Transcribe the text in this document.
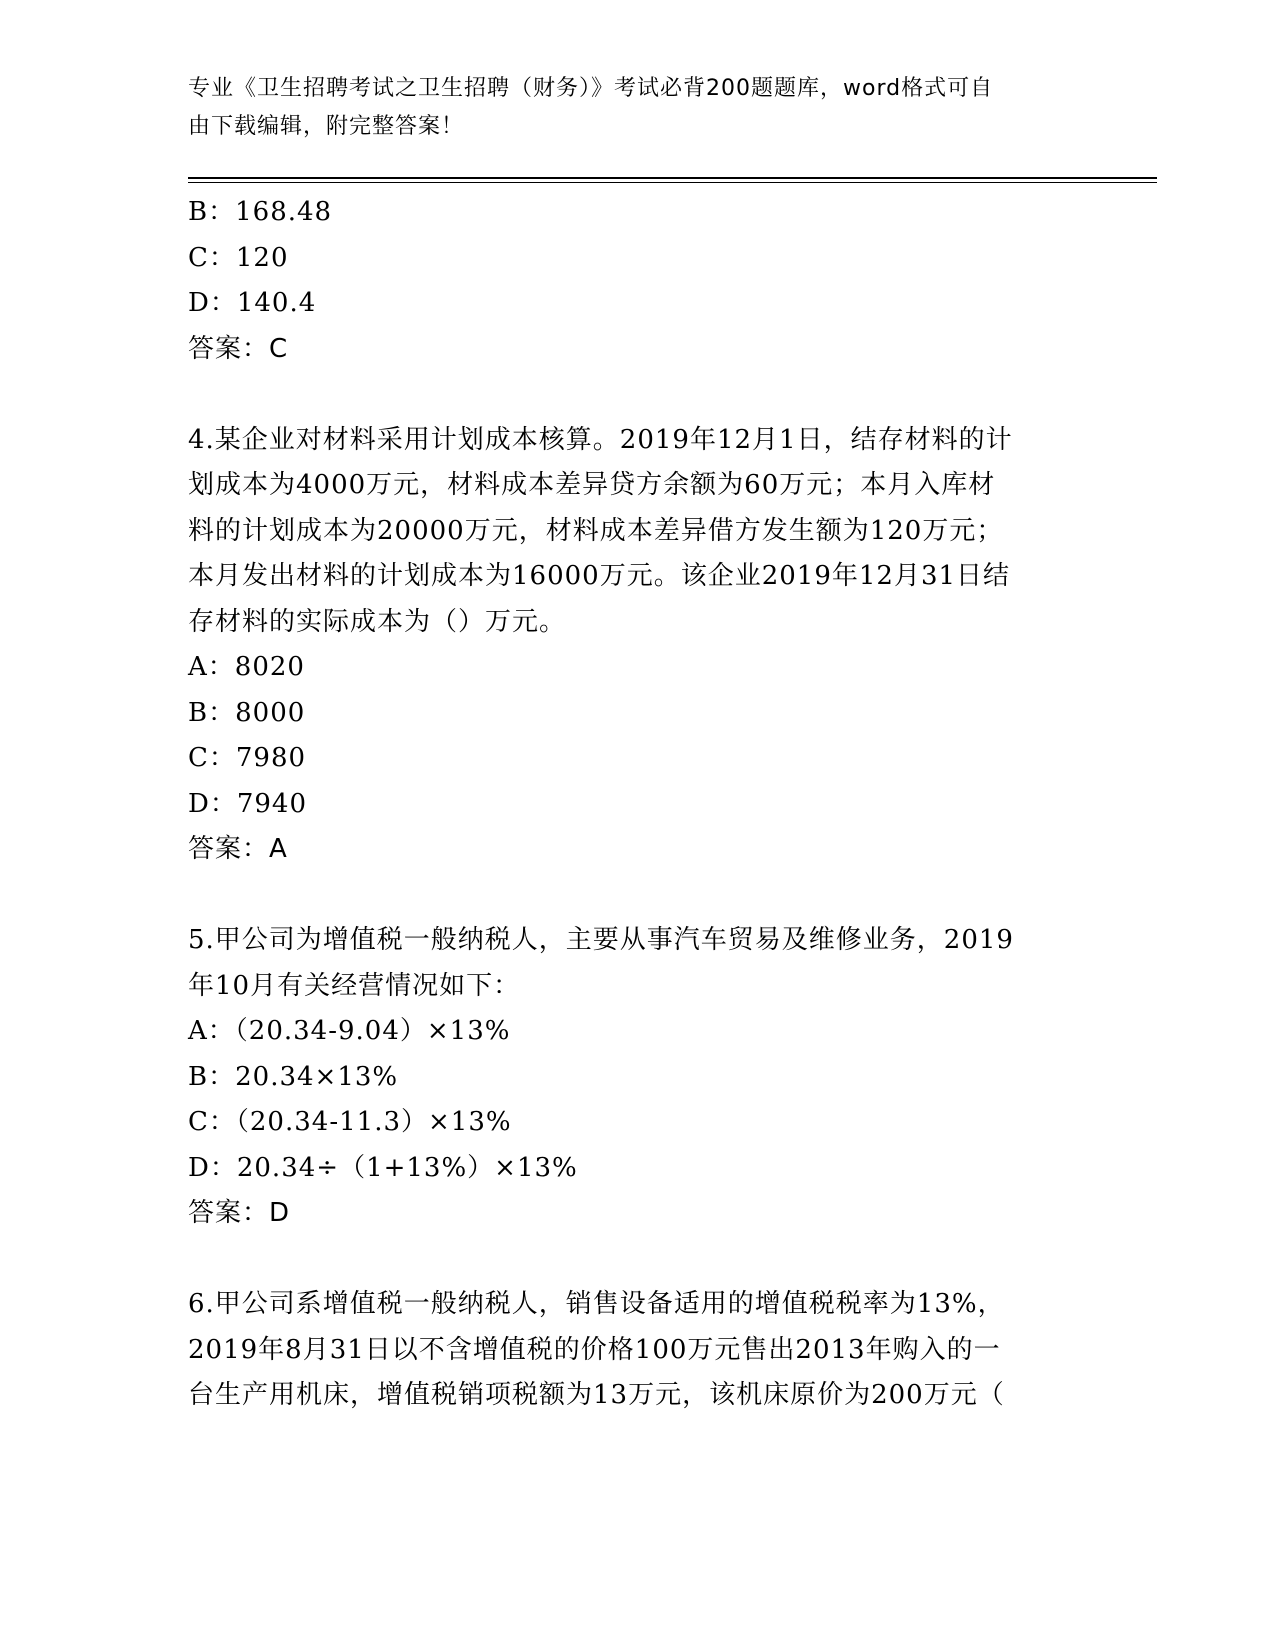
专业《卫生招聘考试之卫生招聘（财务）》考试必背200题题库，word格式可自
由下载编辑，附完整答案！
B：168.48
C：120
D：140.4
答案：C
4.某企业对材料采用计划成本核算。2019年12月1日，结存材料的计
划成本为4000万元，材料成本差异贷方余额为60万元；本月入库材
料的计划成本为20000万元，材料成本差异借方发生额为120万元；
本月发出材料的计划成本为16000万元。该企业2019年12月31日结
存材料的实际成本为（）万元。
A：8020
B：8000
C：7980
D：7940
答案：A
5.甲公司为增值税一般纳税人，主要从事汽车贸易及维修业务，2019
年10月有关经营情况如下：
A：（20.34-9.04）×13%
B：20.34×13%
C：（20.34-11.3）×13%
D：20.34÷（1+13%）×13%
答案：D
6.甲公司系增值税一般纳税人，销售设备适用的增值税税率为13%，
2019年8月31日以不含增值税的价格100万元售出2013年购入的一
台生产用机床，增值税销项税额为13万元，该机床原价为200万元（
